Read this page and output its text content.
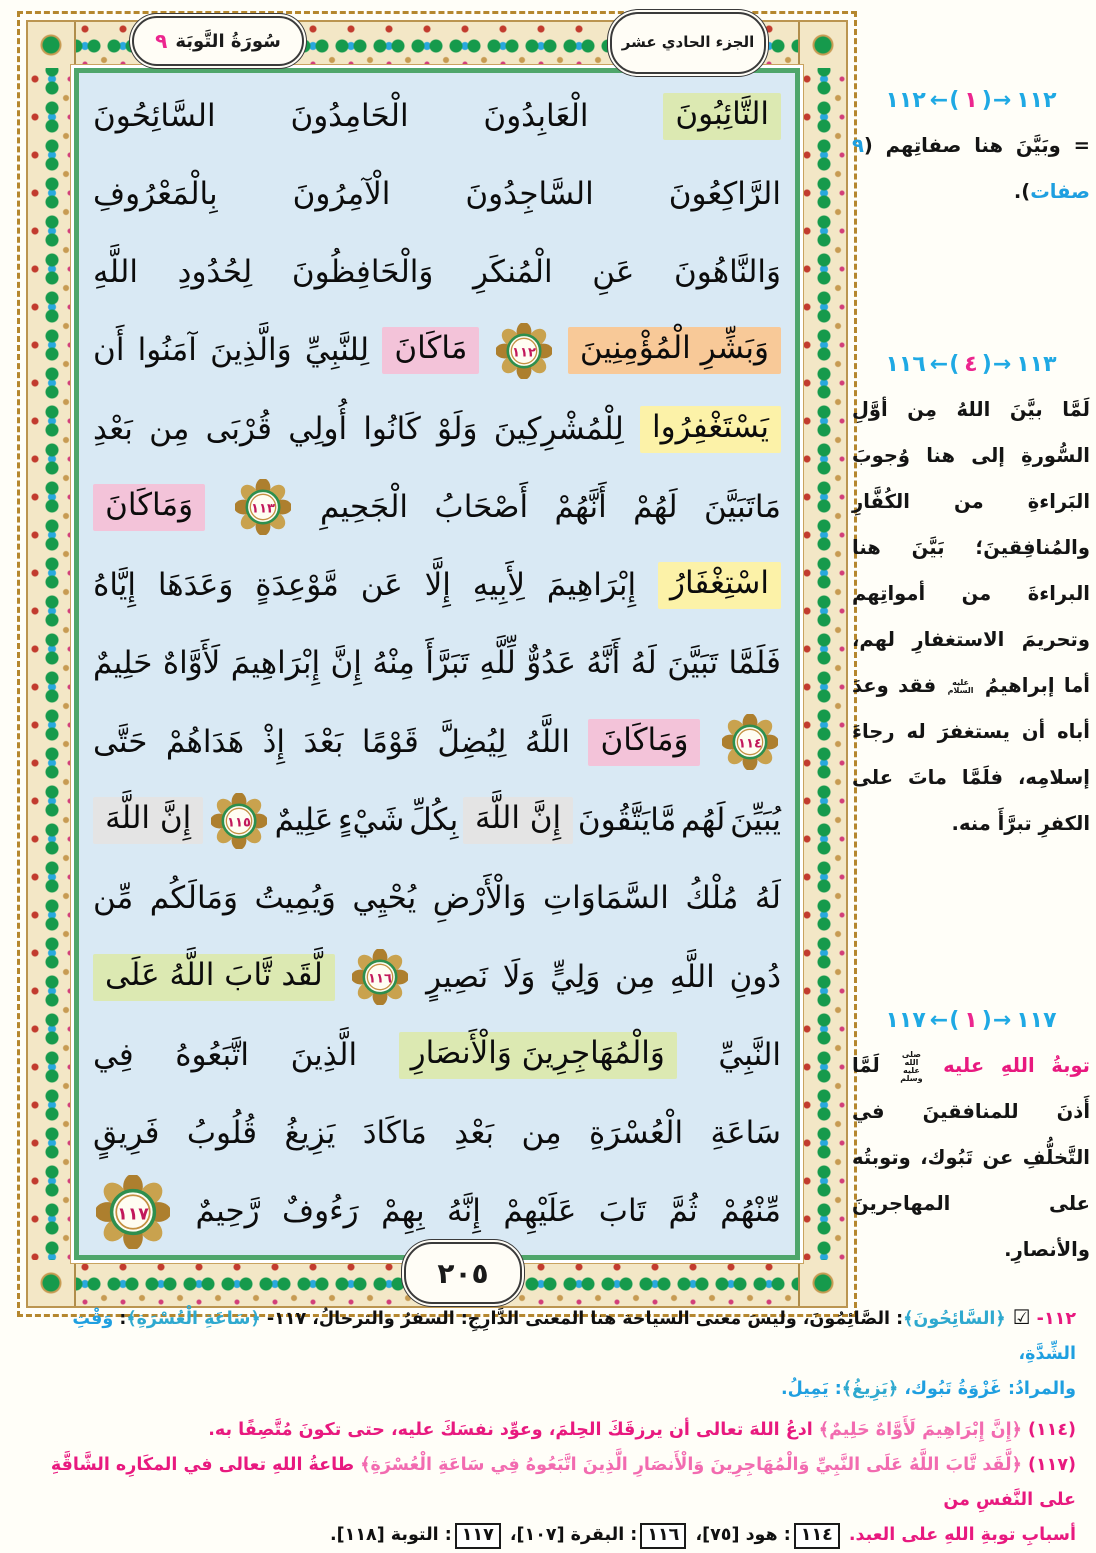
التَّائِبُونَ
الْعَابِدُونَ
الْحَامِدُونَ
السَّائِحُونَ
الرَّاكِعُونَ
السَّاجِدُونَ
الْآمِرُونَ
بِالْمَعْرُوفِ
وَالنَّاهُونَ
عَنِ
الْمُنكَرِ
وَالْحَافِظُونَ
لِحُدُودِ
اللَّهِ
وَبَشِّرِ الْمُؤْمِنِينَ
١١٢
مَاكَانَ
لِلنَّبِيِّ
وَالَّذِينَ
آمَنُوا
أَن
يَسْتَغْفِرُوا
لِلْمُشْرِكِينَ
وَلَوْ
كَانُوا
أُولِي
قُرْبَى
مِن
بَعْدِ
مَاتَبَيَّنَ
لَهُمْ
أَنَّهُمْ
أَصْحَابُ
الْجَحِيمِ
١١٣
وَمَاكَانَ
اسْتِغْفَارُ
إِبْرَاهِيمَ
لِأَبِيهِ
إِلَّا
عَن
مَّوْعِدَةٍ
وَعَدَهَا
إِيَّاهُ
فَلَمَّا
تَبَيَّنَ
لَهُ
أَنَّهُ
عَدُوٌّ
لِّلَّهِ
تَبَرَّأَ
مِنْهُ
إِنَّ
إِبْرَاهِيمَ
لَأَوَّاهٌ
حَلِيمٌ
١١٤
وَمَاكَانَ
اللَّهُ
لِيُضِلَّ
قَوْمًا
بَعْدَ
إِذْ
هَدَاهُمْ
حَتَّى
يُبَيِّنَ
لَهُم
مَّايَتَّقُونَ
إِنَّ اللَّهَ
بِكُلِّ
شَيْءٍ
عَلِيمٌ
١١٥
إِنَّ اللَّهَ
لَهُ
مُلْكُ
السَّمَاوَاتِ
وَالْأَرْضِ
يُحْيِي
وَيُمِيتُ
وَمَالَكُم
مِّن
دُونِ
اللَّهِ
مِن
وَلِيٍّ
وَلَا
نَصِيرٍ
١١٦
لَّقَد تَّابَ اللَّهُ عَلَى
النَّبِيِّ
وَالْمُهَاجِرِينَ وَالْأَنصَارِ
الَّذِينَ
اتَّبَعُوهُ
فِي
سَاعَةِ
الْعُسْرَةِ
مِن
بَعْدِ
مَاكَادَ
يَزِيغُ
قُلُوبُ
فَرِيقٍ
مِّنْهُمْ
ثُمَّ
تَابَ
عَلَيْهِمْ
إِنَّهُ
بِهِمْ
رَءُوفٌ
رَّحِيمٌ
١١٧
سُورَةُ التَّوبَة
٩	الجزء الحادي عشر
٢٠٥
١١٢ ←( ١ )→ ١١٢
= وبَيَّنَ هنا صفاتِهم (٩ صفات).
١١٦ ←( ٤ )→ ١١٣
لَمَّا بيَّنَ اللهُ مِن أوَّلِ السُّورةِ إلى هنا وُجوبَ البَراءةِ من الكُفَّارِ والمُنافِقينَ؛ بَيَّنَ هنا البراءةَ من أمواتِهم وتحريمَ الاستغفارِ لهم، أما إبراهيمُ عليه السلام فقد وعدَ أباه أن يستغفرَ له رجاءَ إسلامِه، فلَمَّا ماتَ على الكفرِ تبرَّأَ منه.
١١٧ ←( ١ )→ ١١٧
توبةُ اللهِ عليه صلى الله عليه وسلم لَمَّا أَذنَ للمنافقينَ في التَّخلُّفِ عن تَبُوك، وتوبتُه على المهاجرينَ والأنصارِ.
١١٢- ☑ ﴿السَّائِحُونَ﴾: الصَّائِمُونَ، وليسَ معنى السياحة هنا المعنى الدَّارِجِ: السفرُ والترحالُ، ١١٧- ﴿سَاعَةِ الْعُسْرَةِ﴾: وَقْتِ الشِّدَّةِ،
والمرادُ: غَزْوَةُ تَبُوك، ﴿يَزِيغُ﴾: يَمِيلُ.
(١١٤) ﴿إِنَّ إِبْرَاهِيمَ لَأَوَّاهٌ حَلِيمٌ﴾ ادعُ اللهَ تعالى أن يرزقَكَ الحِلمَ، وعوِّد نفسَكَ عليه، حتى تكونَ مُتَّصِفًا به.
(١١٧) ﴿لَّقَد تَّابَ اللَّهُ عَلَى النَّبِيِّ وَالْمُهَاجِرِينَ وَالْأَنصَارِ الَّذِينَ اتَّبَعُوهُ فِي سَاعَةِ الْعُسْرَةِ﴾ طاعةُ اللهِ تعالى في المكَارِه الشَّاقَّةِ على النَّفسِ من
أسبابِ توبةِ اللهِ على العبد. ١١٤: هود [٧٥]، ١١٦: البقرة [١٠٧]، ١١٧: التوبة [١١٨].
